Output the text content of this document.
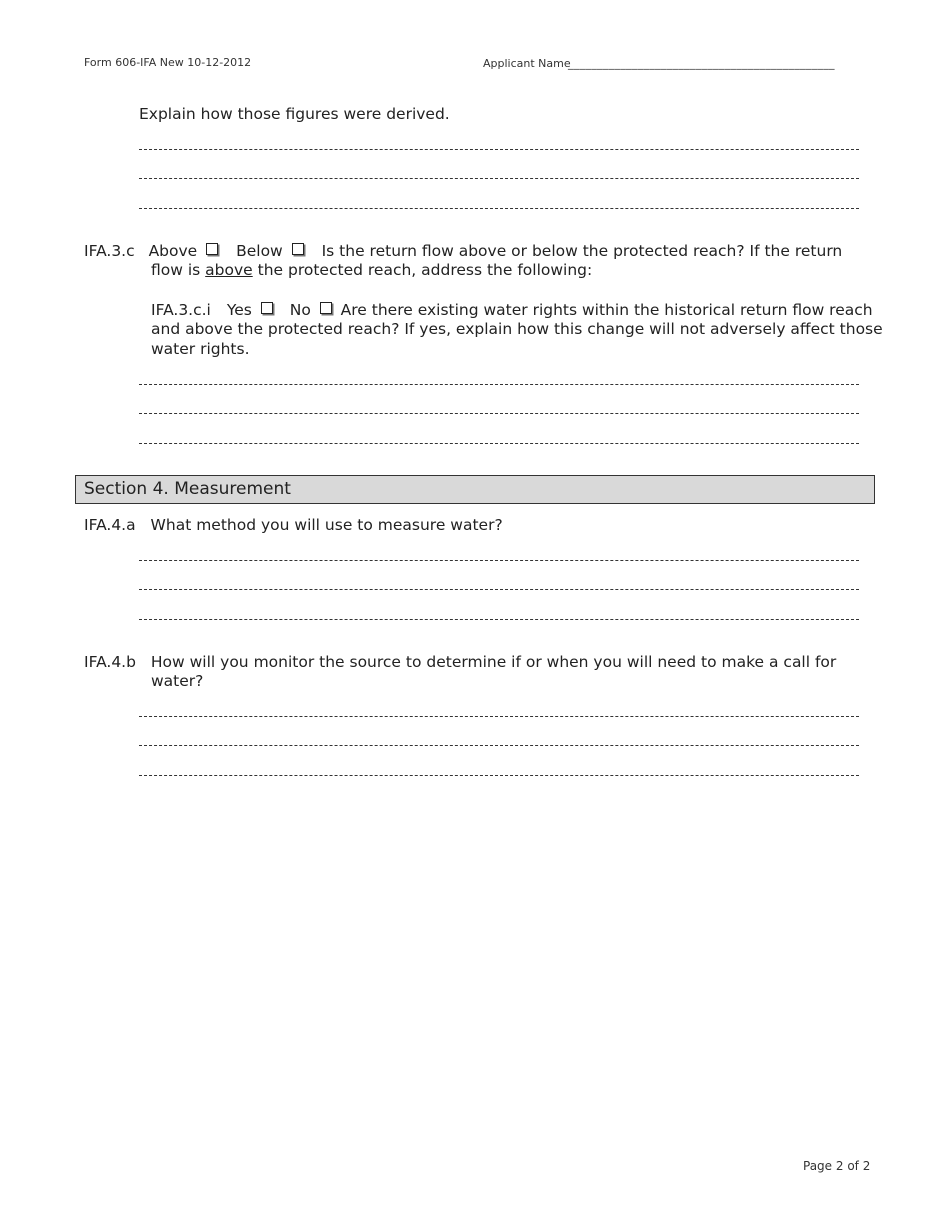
Form 606-IFA New 10-12-2012	Applicant Name
______________________________________________
Explain how those figures were derived.
IFA.3.c Above	Below	Is the return flow above or below the protected reach? If the return
flow is above the protected reach, address the following:
IFA.3.c.i Yes No Are there existing water rights within the historical return flow reach
and above the protected reach? If yes, explain how this change will not adversely affect those
water rights.
Section 4. Measurement
IFA.4.a What method you will use to measure water?
IFA.4.b How will you monitor the source to determine if or when you will need to make a call for
water?
Page 2 of 2
